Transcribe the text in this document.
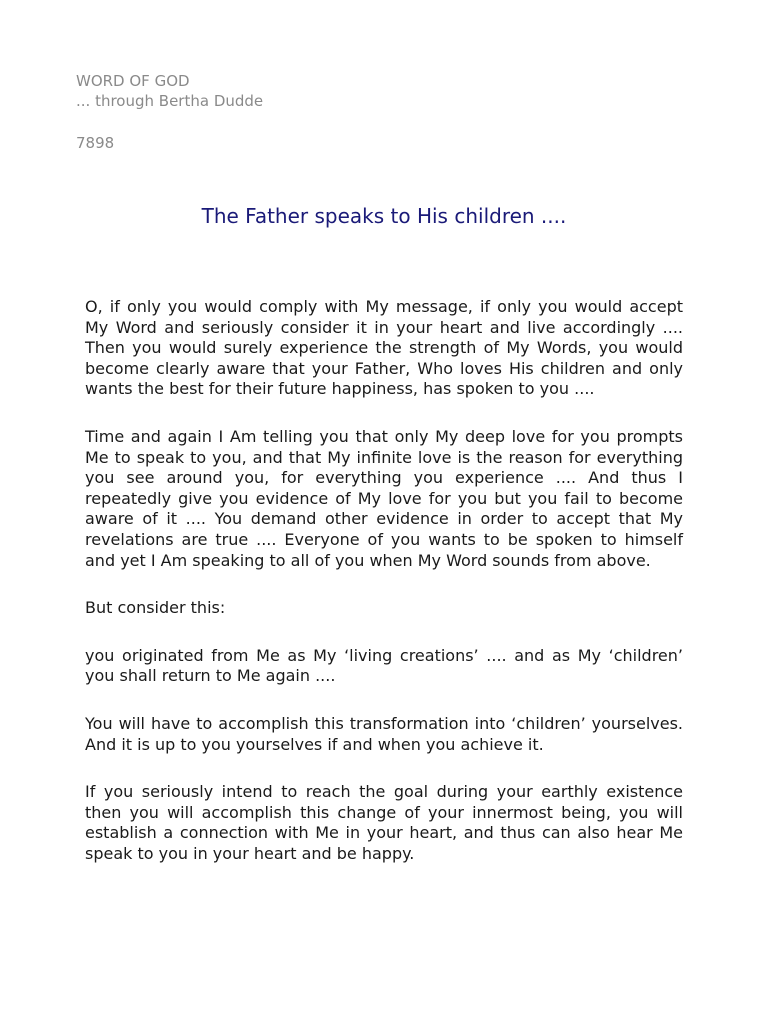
WORD OF GOD
... through Bertha Dudde
7898
The Father speaks to His children ....

O, if only you would comply with My message, if only you would accept My Word and seriously consider it in your heart and live accordingly .... Then you would surely experience the strength of My Words, you would become clearly aware that your Father, Who loves His children and only wants the best for their future happiness, has spoken to you ....

Time and again I Am telling you that only My deep love for you prompts Me to speak to you, and that My infinite love is the reason for everything you see around you, for everything you experience .... And thus I repeatedly give you evidence of My love for you but you fail to become aware of it .... You demand other evidence in order to accept that My revelations are true .... Everyone of you wants to be spoken to himself and yet I Am speaking to all of you when My Word sounds from above.

But consider this:

you originated from Me as My ‘living creations’ .... and as My ‘children’ you shall return to Me again ....

You will have to accomplish this transformation into ‘children’ yourselves. And it is up to you yourselves if and when you achieve it.

If you seriously intend to reach the goal during your earthly existence then you will accomplish this change of your innermost being, you will establish a connection with Me in your heart, and thus can also hear Me speak to you in your heart and be happy.
